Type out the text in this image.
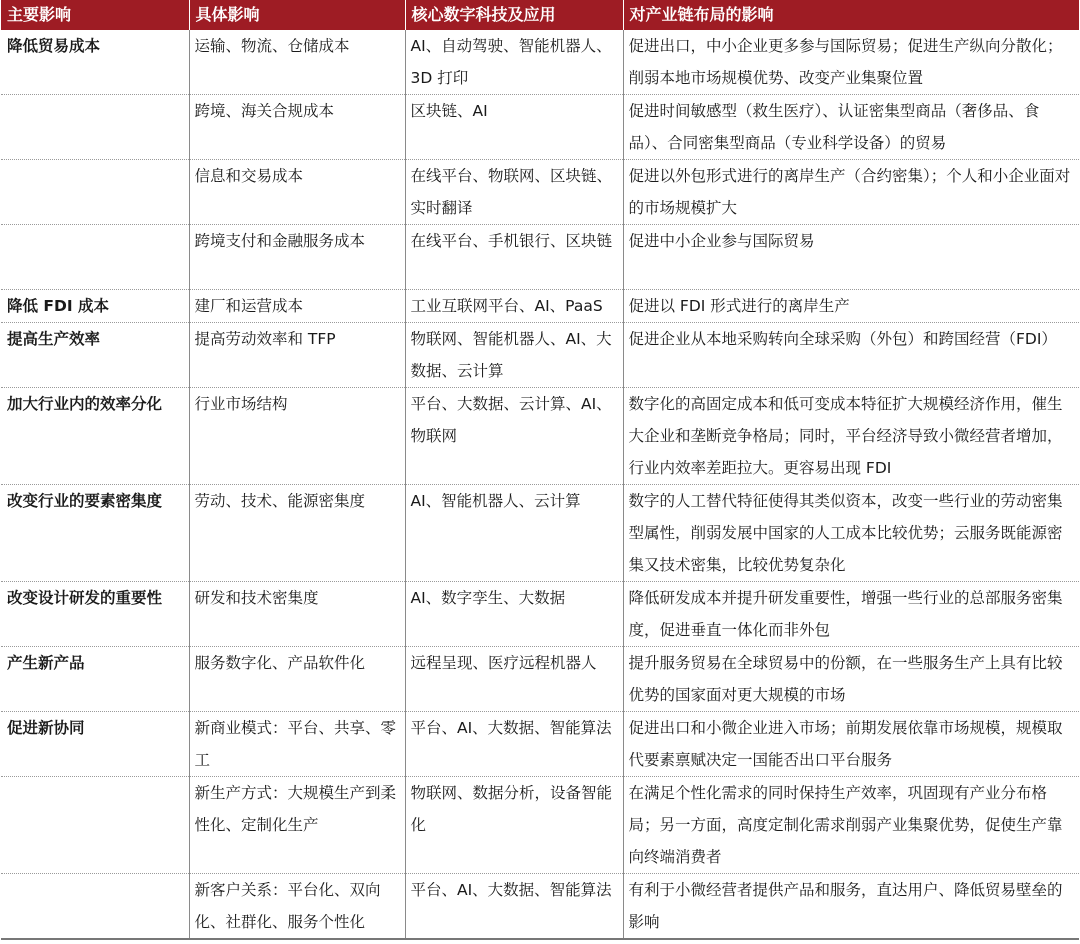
主要影响	具体影响	核心数字科技及应用	对产业链布局的影响
降低贸易成本	运输、物流、仓储成本	AI、自动驾驶、智能机器人、3D 打印	促进出口，中小企业更多参与国际贸易；促进生产纵向分散化；削弱本地市场规模优势、改变产业集聚位置
	跨境、海关合规成本	区块链、AI	促进时间敏感型（救生医疗）、认证密集型商品（奢侈品、食品）、合同密集型商品（专业科学设备）的贸易
	信息和交易成本	在线平台、物联网、区块链、实时翻译	促进以外包形式进行的离岸生产（合约密集）；个人和小企业面对的市场规模扩大
	跨境支付和金融服务成本	在线平台、手机银行、区块链	促进中小企业参与国际贸易
降低 FDI 成本	建厂和运营成本	工业互联网平台、AI、PaaS	促进以 FDI 形式进行的离岸生产
提高生产效率	提高劳动效率和 TFP	物联网、智能机器人、AI、大数据、云计算	促进企业从本地采购转向全球采购（外包）和跨国经营（FDI）
加大行业内的效率分化	行业市场结构	平台、大数据、云计算、AI、物联网	数字化的高固定成本和低可变成本特征扩大规模经济作用，催生大企业和垄断竞争格局；同时，平台经济导致小微经营者增加，行业内效率差距拉大。更容易出现 FDI
改变行业的要素密集度	劳动、技术、能源密集度	AI、智能机器人、云计算	数字的人工替代特征使得其类似资本，改变一些行业的劳动密集型属性，削弱发展中国家的人工成本比较优势；云服务既能源密集又技术密集，比较优势复杂化
改变设计研发的重要性	研发和技术密集度	AI、数字孪生、大数据	降低研发成本并提升研发重要性，增强一些行业的总部服务密集度，促进垂直一体化而非外包
产生新产品	服务数字化、产品软件化	远程呈现、医疗远程机器人	提升服务贸易在全球贸易中的份额，在一些服务生产上具有比较优势的国家面对更大规模的市场
促进新协同	新商业模式：平台、共享、零工	平台、AI、大数据、智能算法	促进出口和小微企业进入市场；前期发展依靠市场规模，规模取代要素禀赋决定一国能否出口平台服务
	新生产方式：大规模生产到柔性化、定制化生产	物联网、数据分析，设备智能化	在满足个性化需求的同时保持生产效率，巩固现有产业分布格局；另一方面，高度定制化需求削弱产业集聚优势，促使生产靠向终端消费者
	新客户关系：平台化、双向化、社群化、服务个性化	平台、AI、大数据、智能算法	有利于小微经营者提供产品和服务，直达用户、降低贸易壁垒的影响
